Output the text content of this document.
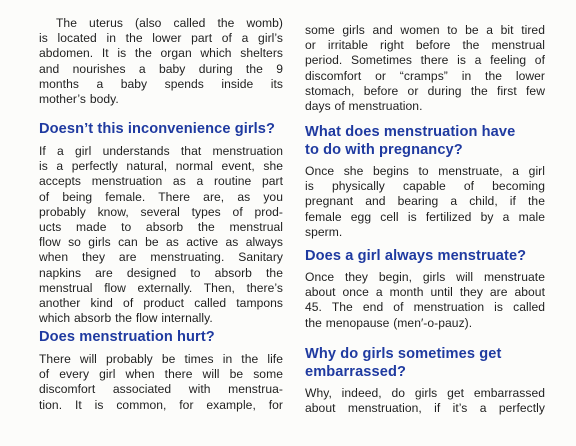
The uterus (also called the womb)
is located in the lower part of a girl’s
abdomen. It is the organ which shelters
and nourishes a baby during the 9
months a baby spends inside its
mother’s body.
Doesn’t this inconvenience girls?
If a girl understands that menstruation
is a perfectly natural, normal event, she
accepts menstruation as a routine part
of being female. There are, as you
probably know, several types of prod-
ucts made to absorb the menstrual
flow so girls can be as active as always
when they are menstruating. Sanitary
napkins are designed to absorb the
menstrual flow externally. Then, there’s
another kind of product called tampons
which absorb the flow internally.
Does menstruation hurt?
There will probably be times in the life
of every girl when there will be some
discomfort associated with menstrua-
tion. It is common, for example, for
some girls and women to be a bit tired
or irritable right before the menstrual
period. Sometimes there is a feeling of
discomfort or “cramps” in the lower
stomach, before or during the first few
days of menstruation.
What does menstruation have
to do with pregnancy?
Once she begins to menstruate, a girl
is physically capable of becoming
pregnant and bearing a child, if the
female egg cell is fertilized by a male
sperm.
Does a girl always menstruate?
Once they begin, girls will menstruate
about once a month until they are about
45. The end of menstruation is called
the menopause (men′-o-pauz).
Why do girls sometimes get
embarrassed?
Why, indeed, do girls get embarrassed
about menstruation, if it’s a perfectly
